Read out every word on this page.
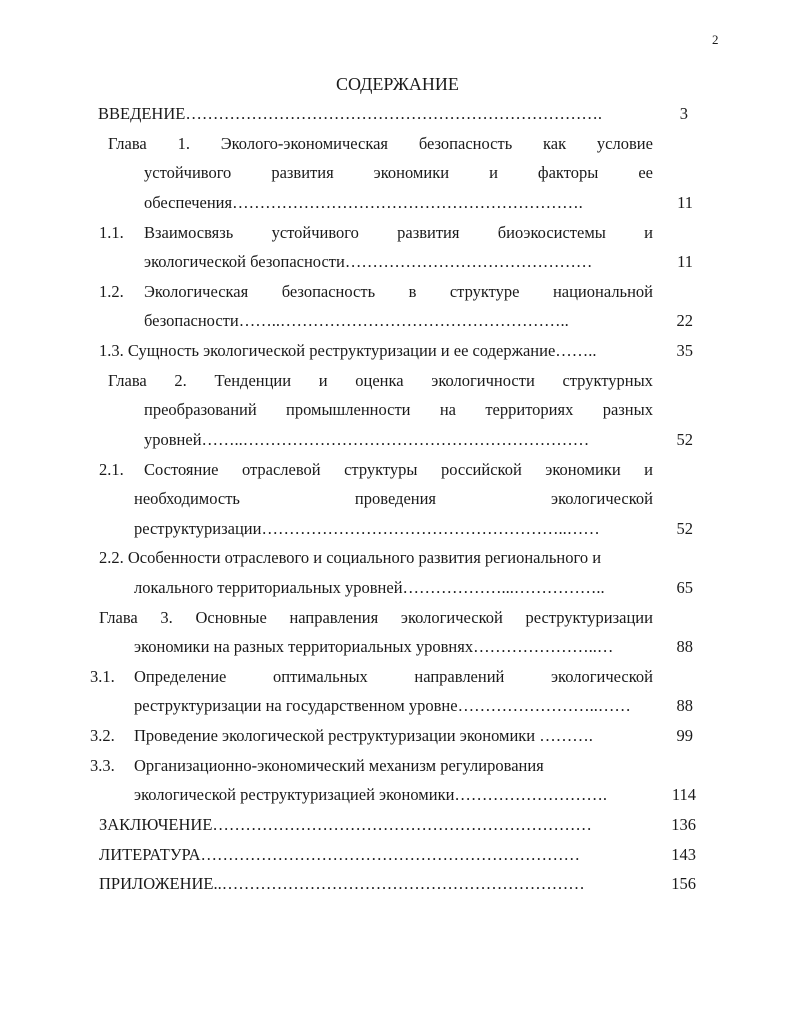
2
СОДЕРЖАНИЕ
ВВЕДЕНИЕ………………………………………………………………….	3
Глава 1. Эколого-экономическая безопасность как условие
устойчивого развития экономики и факторы ее
обеспечения……………………………………………………….	11
1.1. Взаимосвязь устойчивого развития биоэкосистемы и
экологической безопасности………………………………………	11
1.2. Экологическая безопасность в структуре национальной
безопасности……..……………………………………………..	22
1.3. Сущность экологической реструктуризации и ее содержание……..	35
Глава 2. Тенденции и оценка экологичности структурных
преобразований промышленности на территориях разных
уровней……..………………………………………………………	52
2.1. Состояние отраслевой структуры российской экономики и
необходимость	проведения	экологической
реструктуризации………………………………………………..……	52
2.2. Особенности отраслевого и социального развития регионального и
локального территориальных уровней………………...……………..	65
Глава 3. Основные направления экологической реструктуризации
экономики на разных территориальных уровнях…………………..…	88
3.1. Определение	оптимальных	направлений	экологической
реструктуризации на государственном уровне……………………..……	88
3.2. Проведение экологической реструктуризации экономики ……….	99
3.3. Организационно-экономический механизм регулирования
экологической реструктуризацией экономики……………………….	114
ЗАКЛЮЧЕНИЕ……………………………………………………………	136
ЛИТЕРАТУРА……………………………………………………………	143
ПРИЛОЖЕНИЕ..…………………………………………………………	156
